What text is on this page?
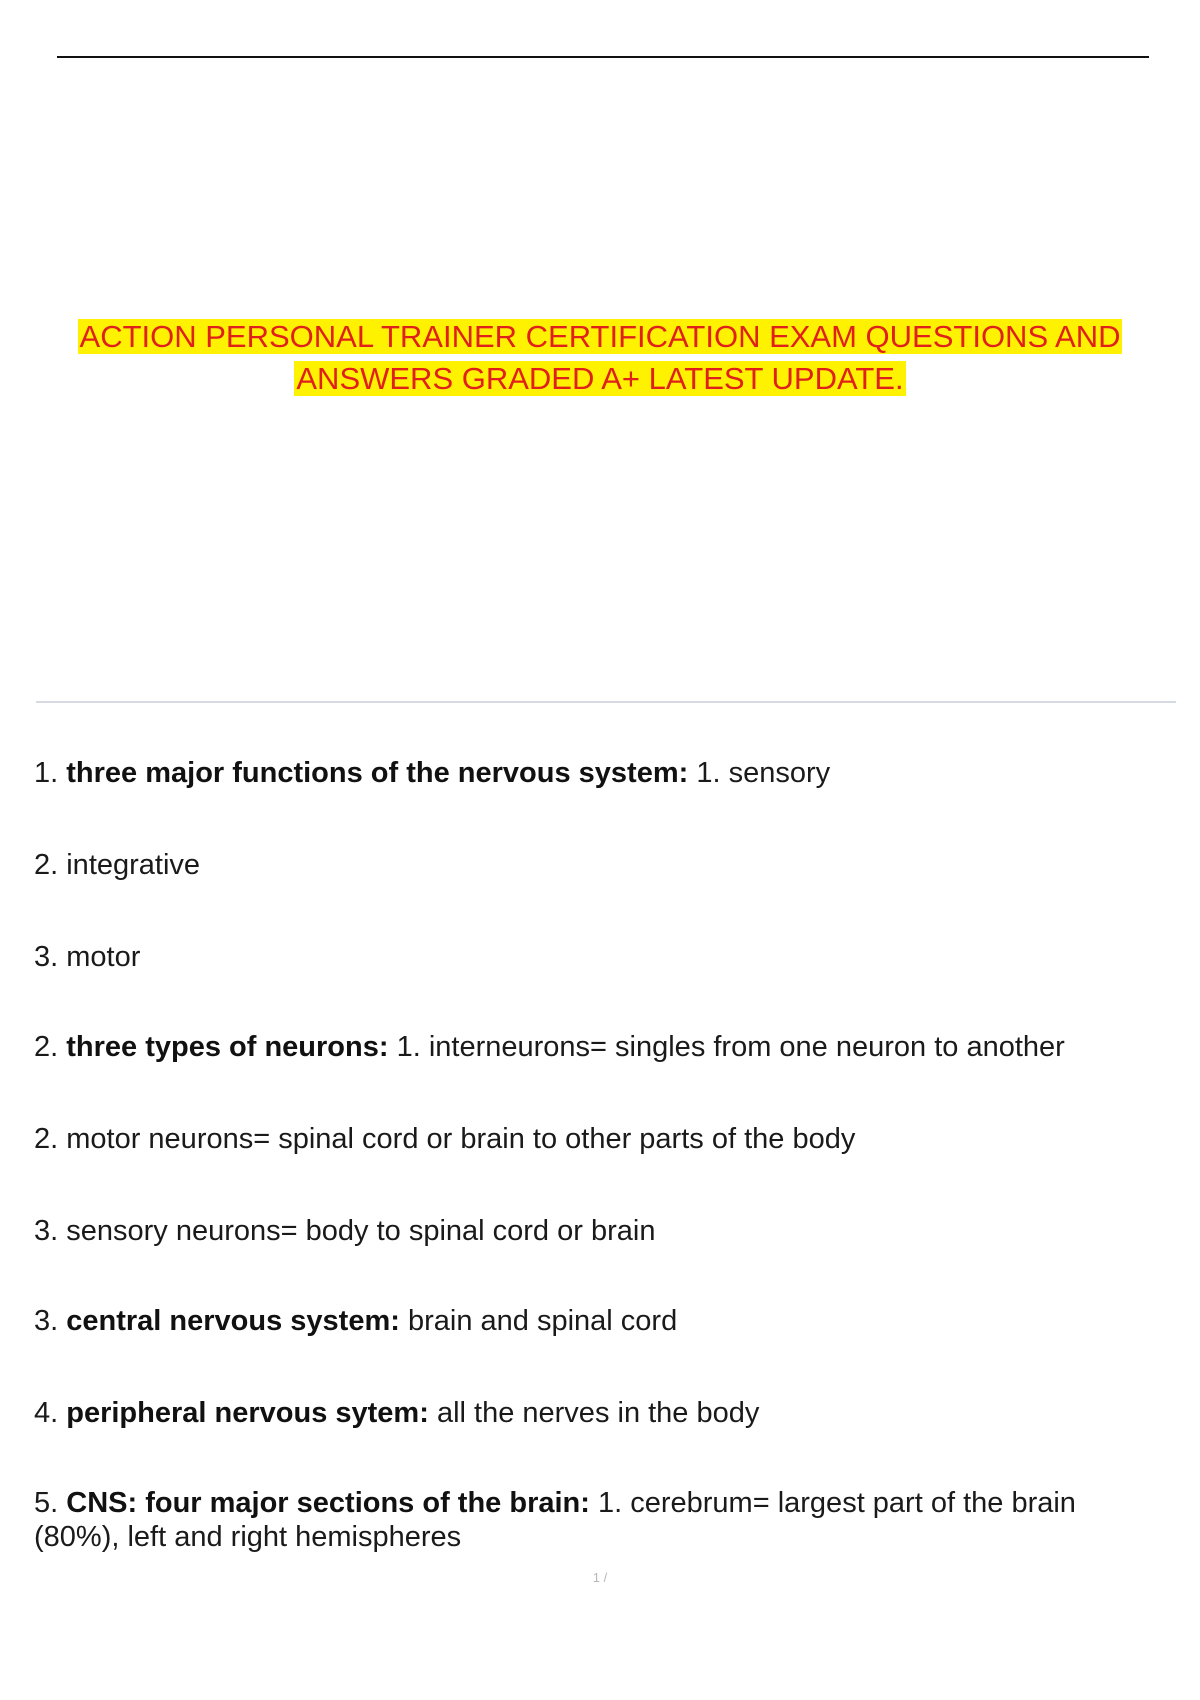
ACTION PERSONAL TRAINER CERTIFICATION EXAM QUESTIONS AND
ANSWERS GRADED A+ LATEST UPDATE.
1. three major functions of the nervous system: 1. sensory
2. integrative
3. motor
2. three types of neurons: 1. interneurons= singles from one neuron to another
2. motor neurons= spinal cord or brain to other parts of the body
3. sensory neurons= body to spinal cord or brain
3. central nervous system: brain and spinal cord
4. peripheral nervous sytem: all the nerves in the body
5. CNS: four major sections of the brain: 1. cerebrum= largest part of the brain (80%), left and right hemispheres
1 /
